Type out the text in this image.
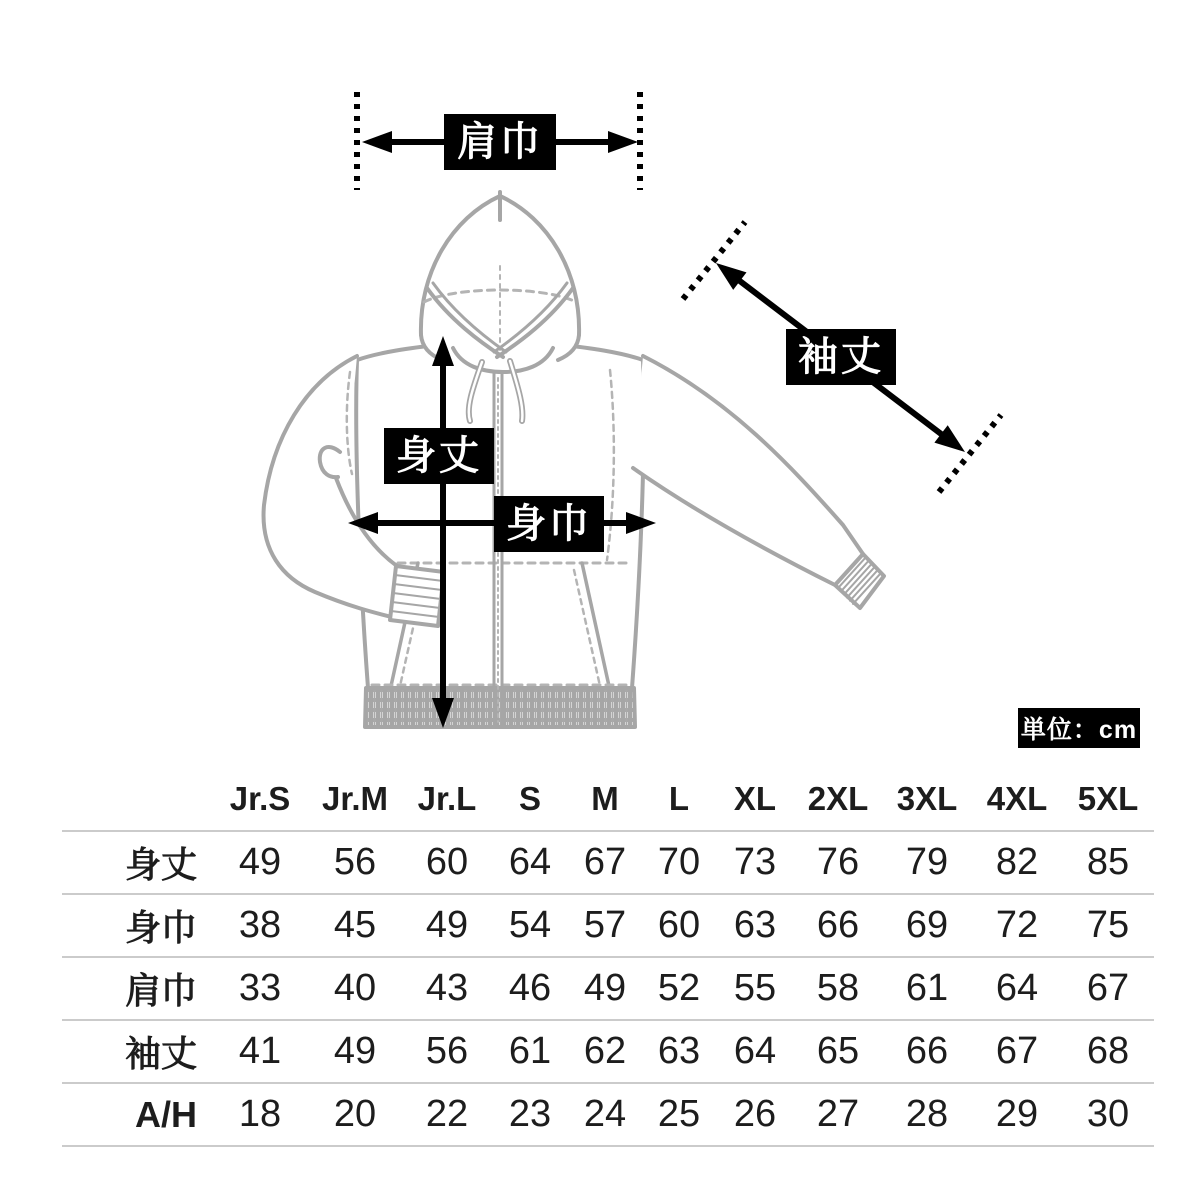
肩巾
袖丈
身丈
身巾
単位：cm
	Jr.S	Jr.M	Jr.L	S	M	L	XL	2XL	3XL	4XL	5XL
身丈	49	56	60	64	67	70	73	76	79	82	85
身巾	38	45	49	54	57	60	63	66	69	72	75
肩巾	33	40	43	46	49	52	55	58	61	64	67
袖丈	41	49	56	61	62	63	64	65	66	67	68
A/H	18	20	22	23	24	25	26	27	28	29	30
